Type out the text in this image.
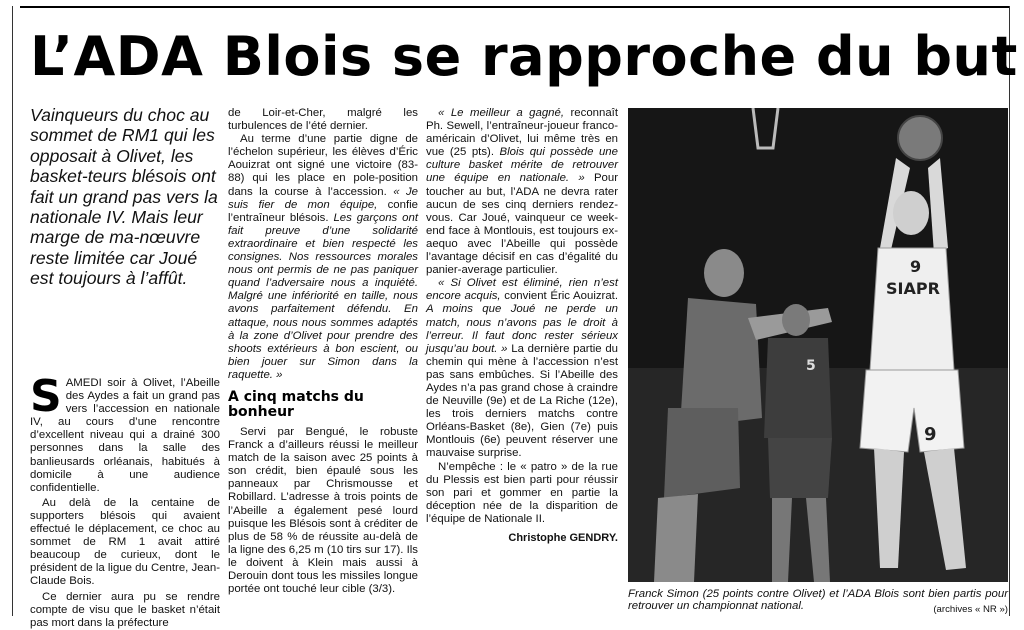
L’ADA Blois se rapproche du but
Vainqueurs du choc au sommet de RM1 qui les opposait à Olivet, les basket-teurs blésois ont fait un grand pas vers la nationale IV. Mais leur marge de ma-nœuvre reste limitée car Joué est toujours à l’affût.

SAMEDI soir à Olivet, l’Abeille des Aydes a fait un grand pas vers l’accession en nationale IV, au cours d’une rencontre d’excellent niveau qui a drainé 300 personnes dans la salle des banlieusards orléanais, habitués à domicile à une audience confidentielle.

Au delà de la centaine de supporters blésois qui avaient effectué le déplacement, ce choc au sommet de RM 1 avait attiré beaucoup de curieux, dont le président de la ligue du Centre, Jean-Claude Bois.

Ce dernier aura pu se rendre compte de visu que le basket n’était pas mort dans la préfecture

de Loir-et-Cher, malgré les turbulences de l’été dernier.

Au terme d’une partie digne de l’échelon supérieur, les élèves d’Éric Aouizrat ont signé une victoire (83-88) qui les place en pole-position dans la course à l’accession. « Je suis fier de mon équipe, confie l’entraîneur blésois. Les garçons ont fait preuve d’une solidarité extraordinaire et bien respecté les consignes. Nos ressources morales nous ont permis de ne pas paniquer quand l’adversaire nous a inquiété. Malgré une infériorité en taille, nous avons parfaitement défendu. En attaque, nous nous sommes adaptés à la zone d’Olivet pour prendre des shoots extérieurs à bon escient, ou bien jouer sur Simon dans la raquette. »

A cinq matchs du bonheur

Servi par Bengué, le robuste Franck a d’ailleurs réussi le meilleur match de la saison avec 25 points à son crédit, bien épaulé sous les panneaux par Chrismousse et Robillard. L’adresse à trois points de l’Abeille a également pesé lourd puisque les Blésois sont à créditer de plus de 58 % de réussite au-delà de la ligne des 6,25 m (10 tirs sur 17). Ils le doivent à Klein mais aussi à Derouin dont tous les missiles longue portée ont touché leur cible (3/3).

« Le meilleur a gagné, reconnaît Ph. Sewell, l’entraîneur-joueur franco-américain d’Olivet, lui même très en vue (25 pts). Blois qui possède une culture basket mérite de retrouver une équipe en nationale. » Pour toucher au but, l’ADA ne devra rater aucun de ses cinq derniers rendez-vous. Car Joué, vainqueur ce week-end face à Montlouis, est toujours ex-aequo avec l’Abeille qui possède l’avantage décisif en cas d’égalité du panier-average particulier.

« Si Olivet est éliminé, rien n’est encore acquis, convient Éric Aouizrat. A moins que Joué ne perde un match, nous n’avons pas le droit à l’erreur. Il faut donc rester sérieux jusqu’au bout. » La dernière partie du chemin qui mène à l’accession n’est pas sans embûches. Si l’Abeille des Aydes n’a pas grand chose à craindre de Neuville (9e) et de La Riche (12e), les trois derniers matchs contre Orléans-Basket (8e), Gien (7e) puis Montlouis (6e) peuvent réserver une mauvaise surprise.

N’empêche : le « patro » de la rue du Plessis est bien parti pour réussir son pari et gommer en partie la déception née de la disparition de l’équipe de Nationale II.

Christophe GENDRY.
SIAPR
9
9
5
Franck Simon (25 points contre Olivet) et l’ADA Blois sont bien partis pour retrouver un championnat national.	(archives « NR »)
